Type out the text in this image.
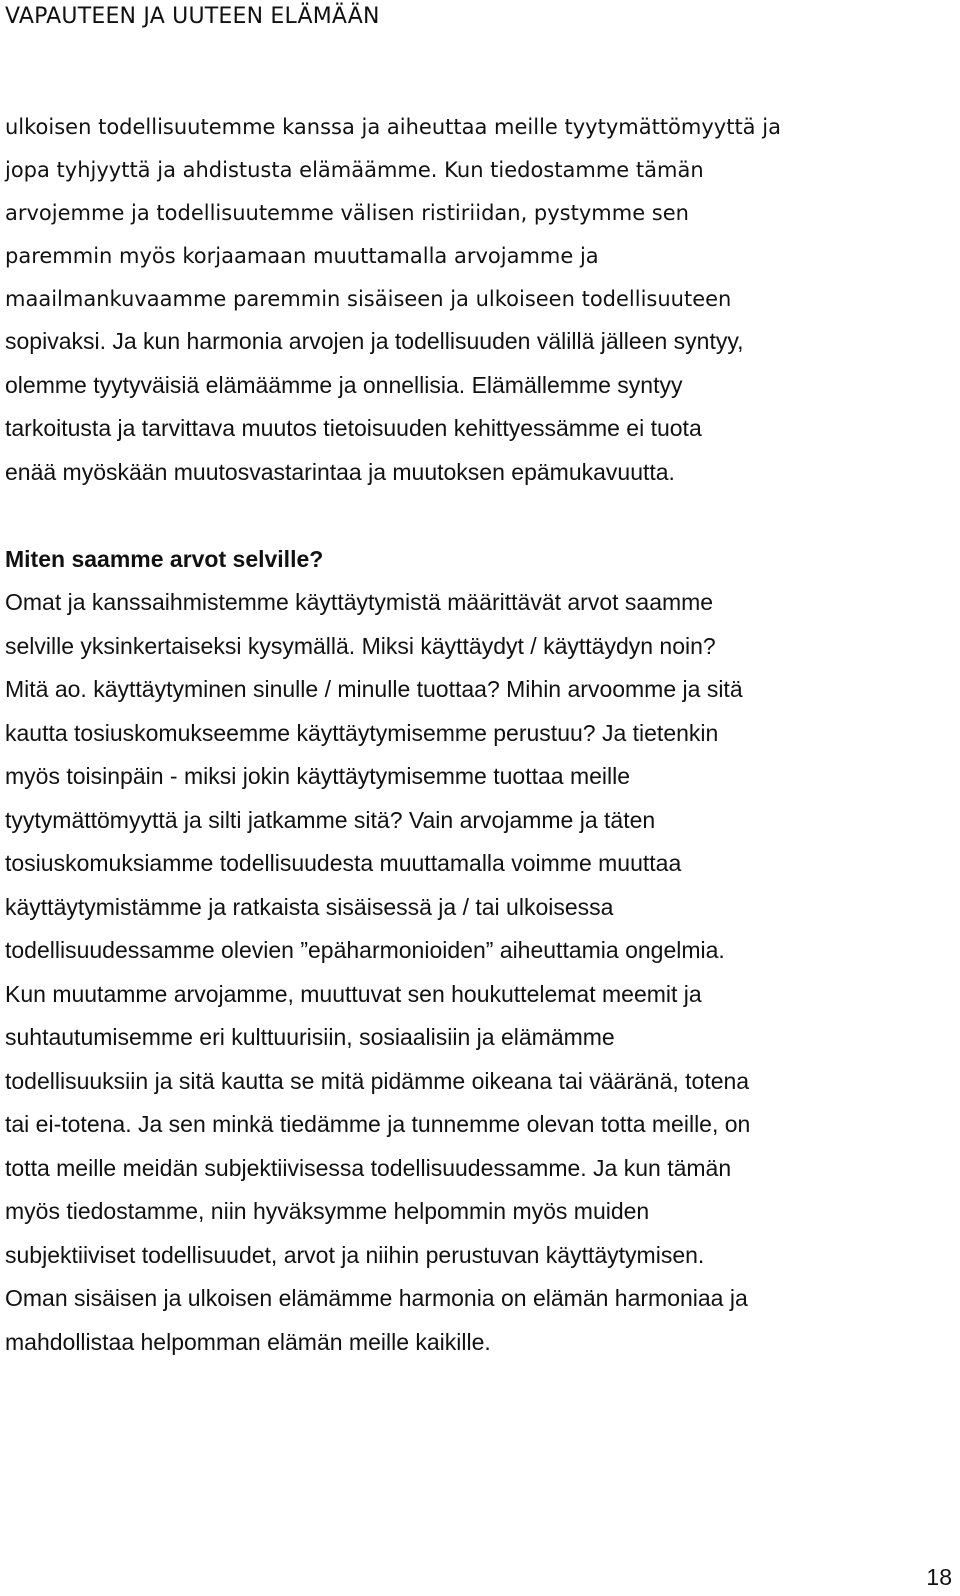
VAPAUTEEN JA UUTEEN ELÄMÄÄN
ulkoisen todellisuutemme kanssa ja aiheuttaa meille tyytymättömyyttä ja
jopa tyhjyyttä ja ahdistusta elämäämme. Kun tiedostamme tämän
arvojemme ja todellisuutemme välisen ristiriidan, pystymme sen
paremmin myös korjaamaan muuttamalla arvojamme ja
maailmankuvaamme paremmin sisäiseen ja ulkoiseen todellisuuteen
sopivaksi. Ja kun harmonia arvojen ja todellisuuden välillä jälleen syntyy,
olemme tyytyväisiä elämäämme ja onnellisia. Elämällemme syntyy
tarkoitusta ja tarvittava muutos tietoisuuden kehittyessämme ei tuota
enää myöskään muutosvastarintaa ja muutoksen epämukavuutta.
Miten saamme arvot selville?
Omat ja kanssaihmistemme käyttäytymistä määrittävät arvot saamme
selville yksinkertaiseksi kysymällä. Miksi käyttäydyt / käyttäydyn noin?
Mitä ao. käyttäytyminen sinulle / minulle tuottaa? Mihin arvoomme ja sitä
kautta tosiuskomukseemme käyttäytymisemme perustuu? Ja tietenkin
myös toisinpäin - miksi jokin käyttäytymisemme tuottaa meille
tyytymättömyyttä ja silti jatkamme sitä? Vain arvojamme ja täten
tosiuskomuksiamme todellisuudesta muuttamalla voimme muuttaa
käyttäytymistämme ja ratkaista sisäisessä ja / tai ulkoisessa
todellisuudessamme olevien ”epäharmonioiden” aiheuttamia ongelmia.
Kun muutamme arvojamme, muuttuvat sen houkuttelemat meemit ja
suhtautumisemme eri kulttuurisiin, sosiaalisiin ja elämämme
todellisuuksiin ja sitä kautta se mitä pidämme oikeana tai vääränä, totena
tai ei-totena. Ja sen minkä tiedämme ja tunnemme olevan totta meille, on
totta meille meidän subjektiivisessa todellisuudessamme. Ja kun tämän
myös tiedostamme, niin hyväksymme helpommin myös muiden
subjektiiviset todellisuudet, arvot ja niihin perustuvan käyttäytymisen.
Oman sisäisen ja ulkoisen elämämme harmonia on elämän harmoniaa ja
mahdollistaa helpomman elämän meille kaikille.
18
